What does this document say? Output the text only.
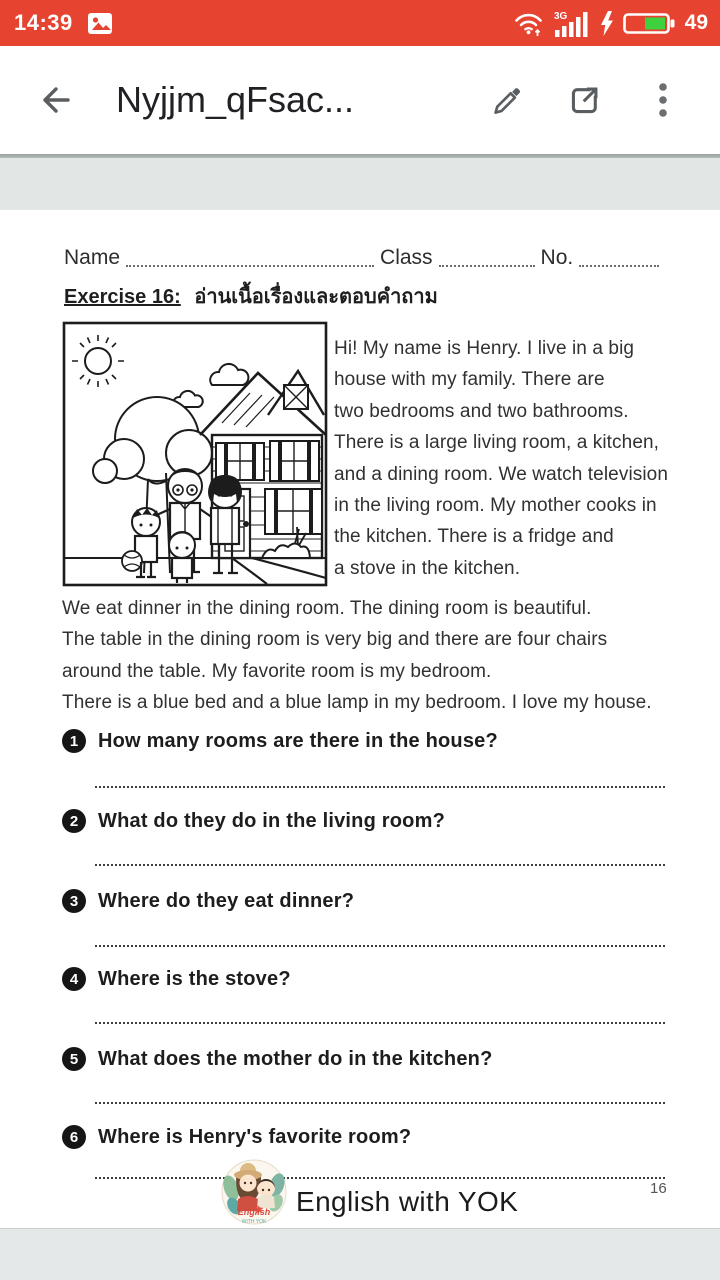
14:39	3G	49
Nyjjm_qFsac...
Name	Class	No.
Exercise 16: อ่านเนื้อเรื่องและตอบคำถาม
Hi! My name is Henry. I live in a big
house with my family. There are
two bedrooms and two bathrooms.
There is a large living room, a kitchen,
and a dining room. We watch television
in the living room. My mother cooks in
the kitchen. There is a fridge and
a stove in the kitchen.
We eat dinner in the dining room. The dining room is beautiful.
The table in the dining room is very big and there are four chairs
around the table. My favorite room is my bedroom.
There is a blue bed and a blue lamp in my bedroom. I love my house.
1 How many rooms are there in the house?
2 What do they do in the living room?
3 Where do they eat dinner?
4 Where is the stove?
5 What does the mother do in the kitchen?
6 Where is Henry's favorite room?
English
WITH YOK
English with YOK	16
